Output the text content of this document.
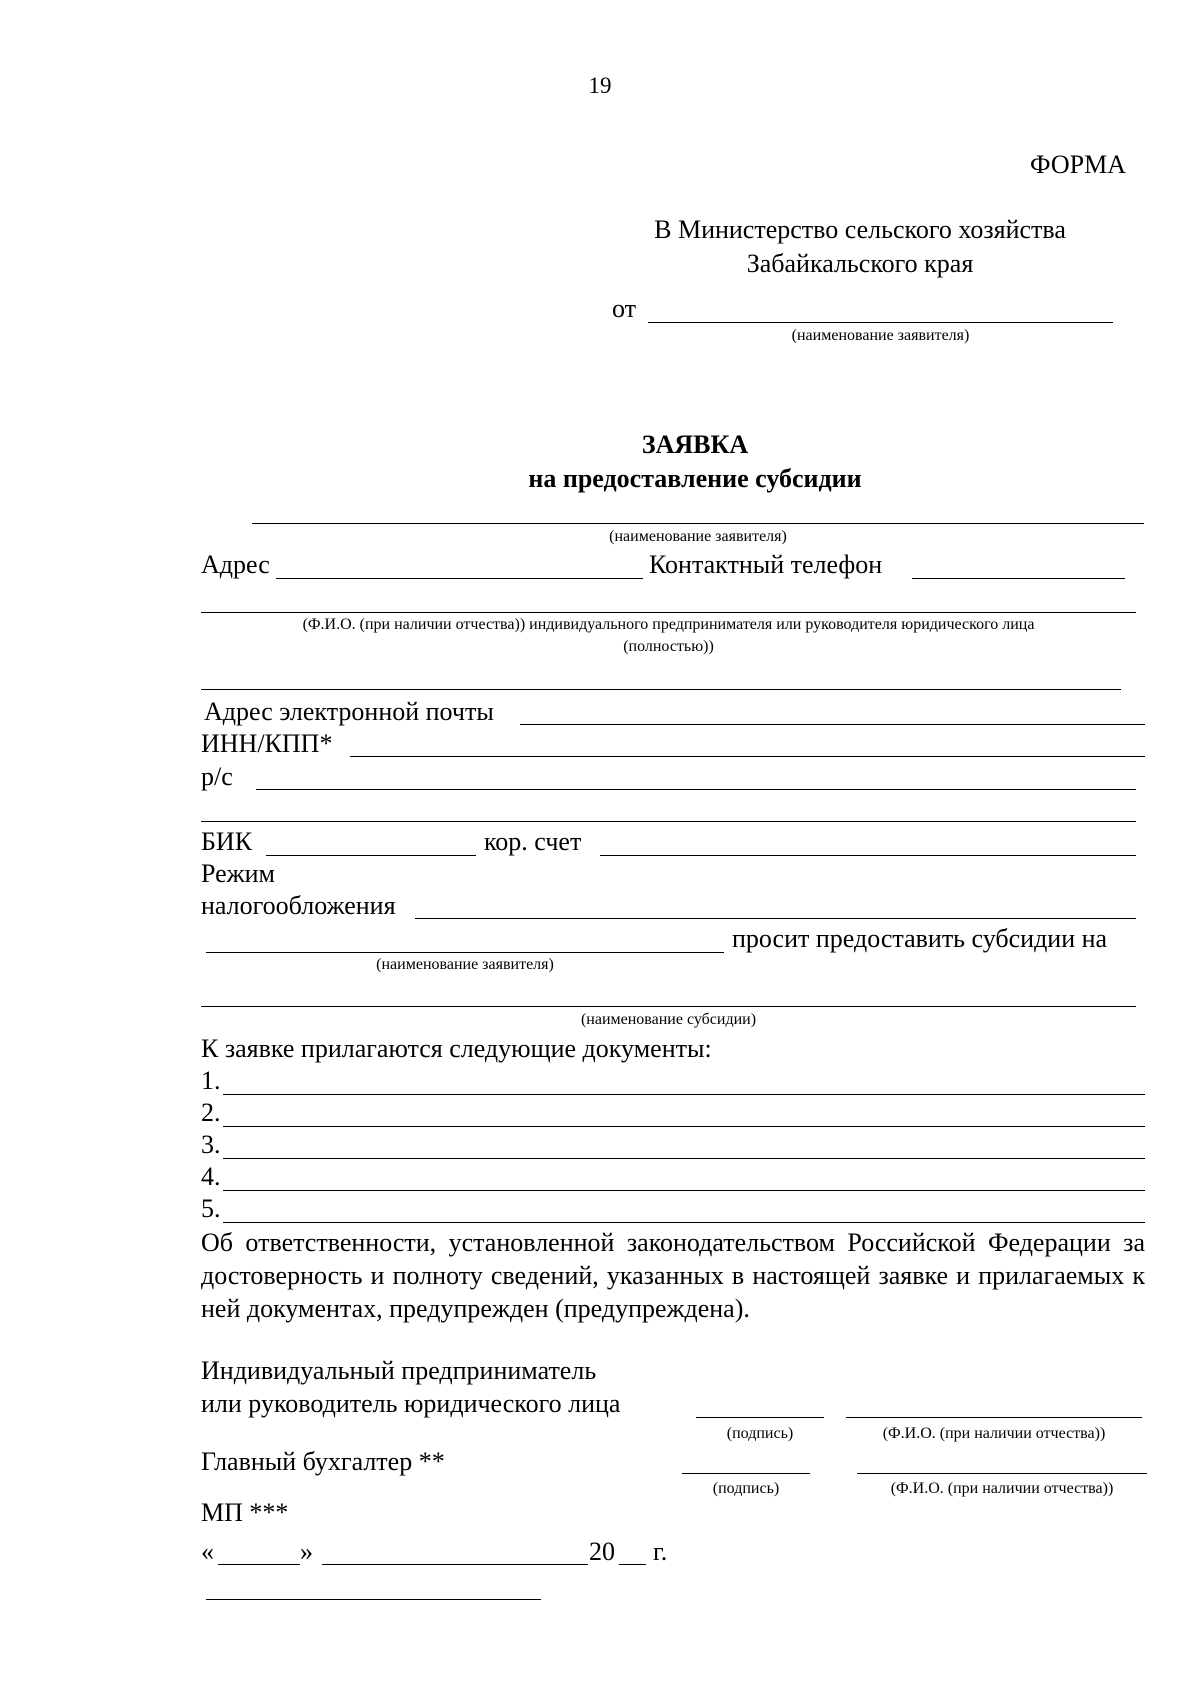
19
ФОРМА
В Министерство сельского хозяйства
Забайкальского края
от
(наименование заявителя)
ЗАЯВКА
на предоставление субсидии
(наименование заявителя)
Адрес	Контактный телефон
(Ф.И.О. (при наличии отчества)) индивидуального предпринимателя или руководителя юридического лица
(полностью))
Адрес электронной почты
ИНН/КПП*
р/с
БИК	кор. счет
Режим
налогообложения
просит предоставить субсидии на
(наименование заявителя)
(наименование субсидии)
К заявке прилагаются следующие документы:
1.
2.
3.
4.
5.
Об ответственности, установленной законодательством Российской Федерации за достоверность и полноту сведений, указанных в настоящей заявке и прилагаемых к ней документах, предупрежден (предупреждена).
Индивидуальный предприниматель
или руководитель юридического лица
(подпись)	(Ф.И.О. (при наличии отчества))
Главный бухгалтер **
(подпись)	(Ф.И.О. (при наличии отчества))
МП ***
«	»	20 г.
